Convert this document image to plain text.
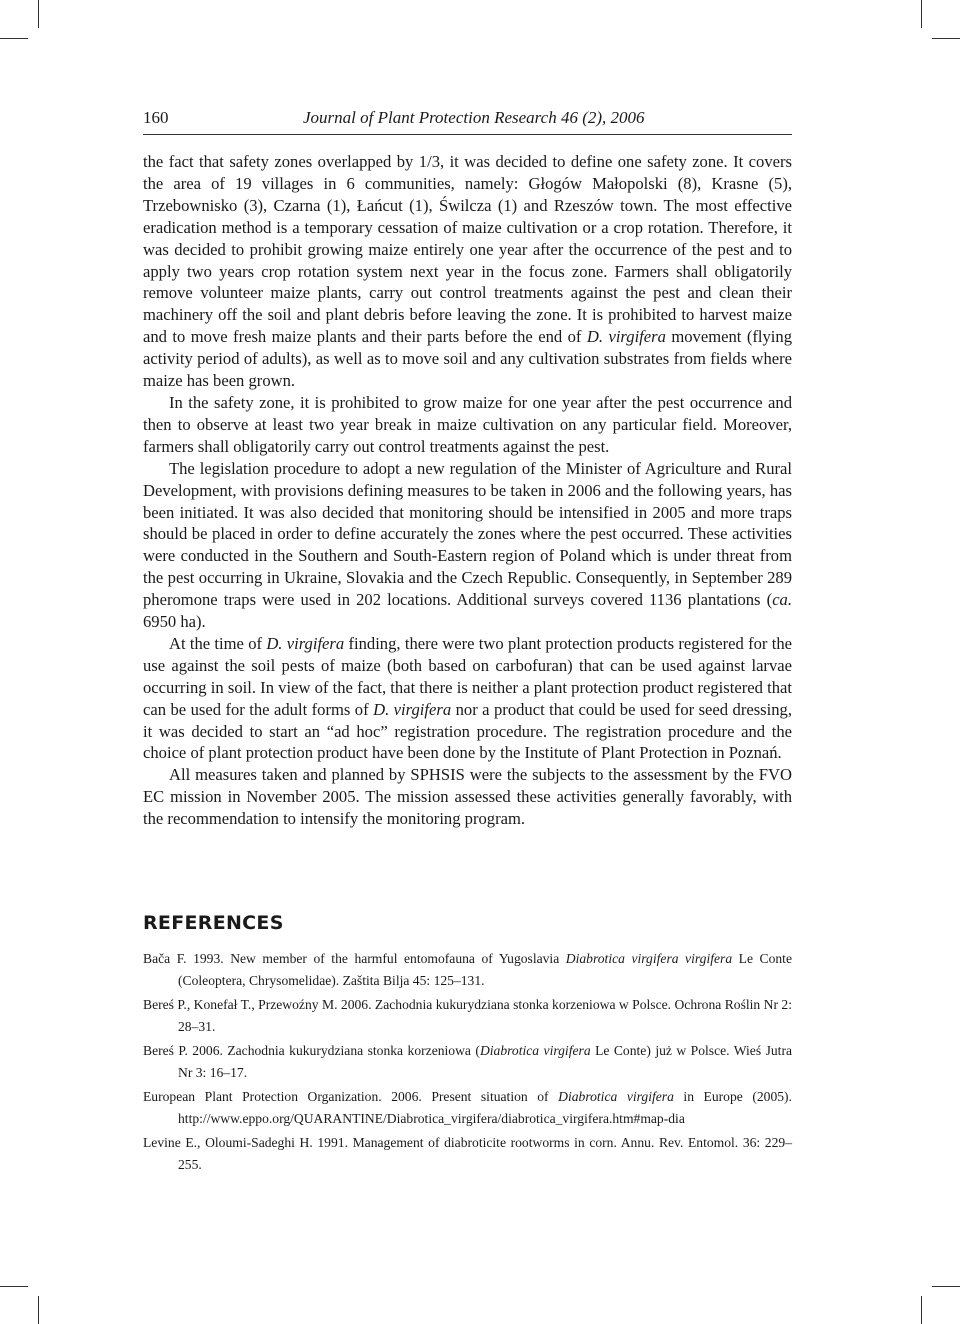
160	Journal of Plant Protection Research 46 (2), 2006

the fact that safety zones overlapped by 1/3, it was decided to define one safety zone. It covers the area of 19 villages in 6 communities, namely: Głogów Małopolski (8), Krasne (5), Trzebownisko (3), Czarna (1), Łańcut (1), Świlcza (1) and Rzeszów town. The most effective eradication method is a temporary cessation of maize cultivation or a crop rotation. Therefore, it was decided to prohibit growing maize entirely one year after the occurrence of the pest and to apply two years crop rotation system next year in the focus zone. Farmers shall obligatorily remove volunteer maize plants, carry out control treatments against the pest and clean their machinery off the soil and plant debris before leaving the zone. It is prohibited to harvest maize and to move fresh maize plants and their parts before the end of D. virgifera movement (flying activity period of adults), as well as to move soil and any cultivation substrates from fields where maize has been grown.

In the safety zone, it is prohibited to grow maize for one year after the pest occurrence and then to observe at least two year break in maize cultivation on any particular field. Moreover, farmers shall obligatorily carry out control treatments against the pest.

The legislation procedure to adopt a new regulation of the Minister of Agriculture and Rural Development, with provisions defining measures to be taken in 2006 and the following years, has been initiated. It was also decided that monitoring should be intensified in 2005 and more traps should be placed in order to define accurately the zones where the pest occurred. These activities were conducted in the Southern and South-Eastern region of Poland which is under threat from the pest occurring in Ukraine, Slovakia and the Czech Republic. Consequently, in September 289 pheromone traps were used in 202 locations. Additional surveys covered 1136 plantations (ca. 6950 ha).

At the time of D. virgifera finding, there were two plant protection products registered for the use against the soil pests of maize (both based on carbofuran) that can be used against larvae occurring in soil. In view of the fact, that there is neither a plant protection product registered that can be used for the adult forms of D. virgifera nor a product that could be used for seed dressing, it was decided to start an “ad hoc” registration procedure. The registration procedure and the choice of plant protection product have been done by the Institute of Plant Protection in Poznań.

All measures taken and planned by SPHSIS were the subjects to the assessment by the FVO EC mission in November 2005. The mission assessed these activities generally favorably, with the recommendation to intensify the monitoring program.

REFERENCES
Bača F. 1993. New member of the harmful entomofauna of Yugoslavia Diabrotica virgifera virgifera Le Conte (Coleoptera, Chrysomelidae). Zaštita Bilja 45: 125–131.
Bereś P., Konefał T., Przewoźny M. 2006. Zachodnia kukurydziana stonka korzeniowa w Polsce. Ochrona Roślin Nr 2: 28–31.
Bereś P. 2006. Zachodnia kukurydziana stonka korzeniowa (Diabrotica virgifera Le Conte) już w Polsce. Wieś Jutra Nr 3: 16–17.
European Plant Protection Organization. 2006. Present situation of Diabrotica virgifera in Europe (2005). http://www.eppo.org/QUARANTINE/Diabrotica_virgifera/diabrotica_virgifera.htm#map-dia
Levine E., Oloumi-Sadeghi H. 1991. Management of diabroticite rootworms in corn. Annu. Rev. Entomol. 36: 229–255.
